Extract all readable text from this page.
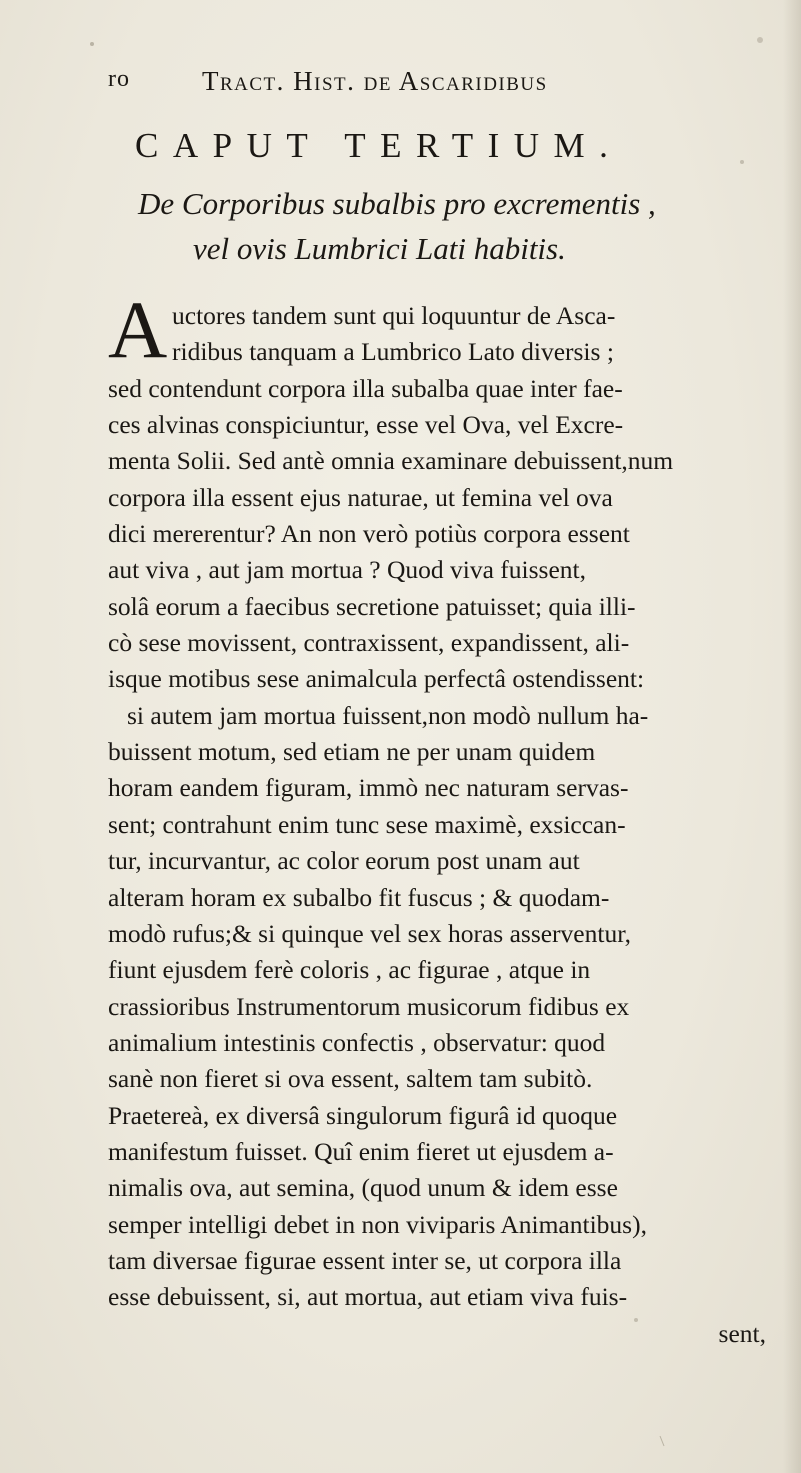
ro	Tract. Hist. de Ascaridibus
CAPUT TERTIUM.
De Corporibus subalbis pro excrementis ,
vel ovis Lumbrici Lati habitis.
A uctores tandem sunt qui loquuntur de Asca-
ridibus tanquam a Lumbrico Lato diversis ;
sed contendunt corpora illa subalba quae inter fae-
ces alvinas conspiciuntur, esse vel Ova, vel Excre-
menta Solii. Sed antè omnia examinare debuissent,num
corpora illa essent ejus naturae, ut femina vel ova
dici mererentur? An non verò potiùs corpora essent
aut viva , aut jam mortua ? Quod viva fuissent,
solâ eorum a faecibus secretione patuisset; quia illi-
cò sese movissent, contraxissent, expandissent, ali-
isque motibus sese animalcula perfectâ ostendissent:
si autem jam mortua fuissent,non modò nullum ha-
buissent motum, sed etiam ne per unam quidem
horam eandem figuram, immò nec naturam servas-
sent; contrahunt enim tunc sese maximè, exsiccan-
tur, incurvantur, ac color eorum post unam aut
alteram horam ex subalbo fit fuscus ; & quodam-
modò rufus;& si quinque vel sex horas asserventur,
fiunt ejusdem ferè coloris , ac figurae , atque in
crassioribus Instrumentorum musicorum fidibus ex
animalium intestinis confectis , observatur: quod
sanè non fieret si ova essent, saltem tam subitò.
Praetereà, ex diversâ singulorum figurâ id quoque
manifestum fuisset. Quî enim fieret ut ejusdem a-
nimalis ova, aut semina, (quod unum & idem esse
semper intelligi debet in non viviparis Animantibus),
tam diversae figurae essent inter se, ut corpora illa
esse debuissent, si, aut mortua, aut etiam viva fuis-
sent,
